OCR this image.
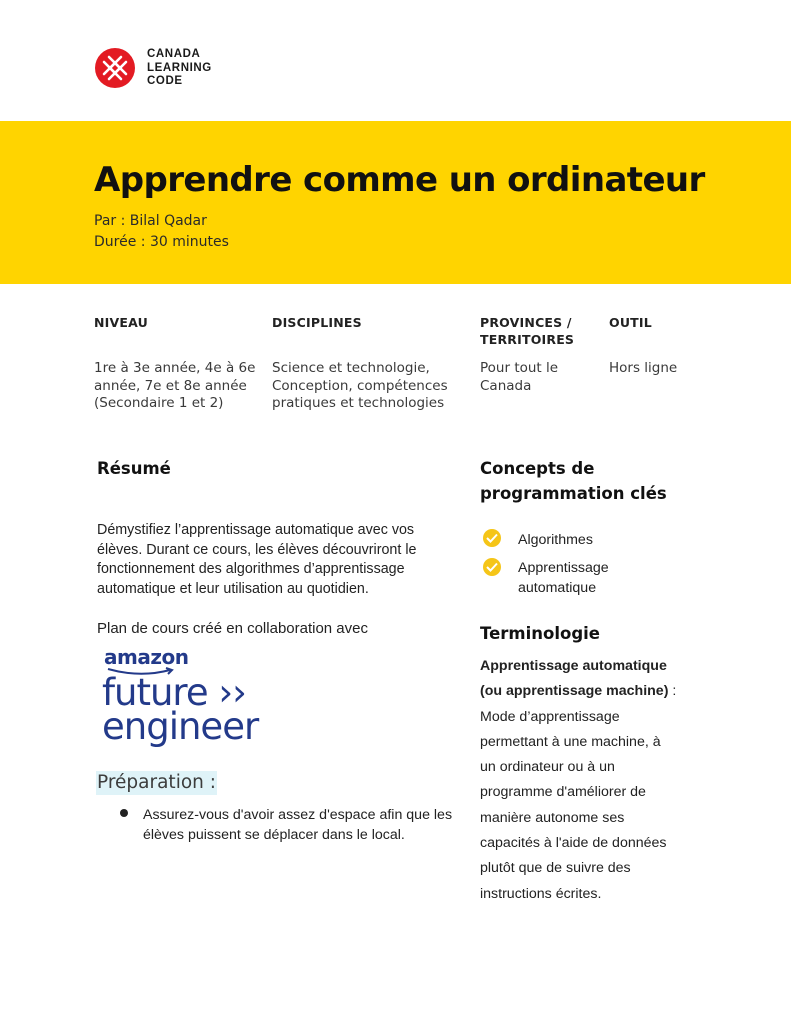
CANADA
LEARNING
CODE
Apprendre comme un ordinateur
Par : Bilal Qadar
Durée : 30 minutes
NIVEAU	DISCIPLINES	PROVINCES /
TERRITOIRES
OUTIL
1re à 3e année, 4e à 6e
année, 7e et 8e année
(Secondaire 1 et 2)
Science et technologie,
Conception, compétences
pratiques et technologies
Pour tout le
Canada
Hors ligne
Résumé
Démystifiez l’apprentissage automatique avec vos
élèves. Durant ce cours, les élèves découvriront le
fonctionnement des algorithmes d’apprentissage
automatique et leur utilisation au quotidien.
Plan de cours créé en collaboration avec
amazon
future ››
engineer
Préparation :
Assurez-vous d'avoir assez d'espace afin que les
élèves puissent se déplacer dans le local.
Concepts de
programmation clés
Algorithmes
Apprentissage
automatique
Terminologie
Apprentissage automatique
(ou apprentissage machine) :
Mode d’apprentissage
permettant à une machine, à
un ordinateur ou à un
programme d'améliorer de
manière autonome ses
capacités à l'aide de données
plutôt que de suivre des
instructions écrites.
